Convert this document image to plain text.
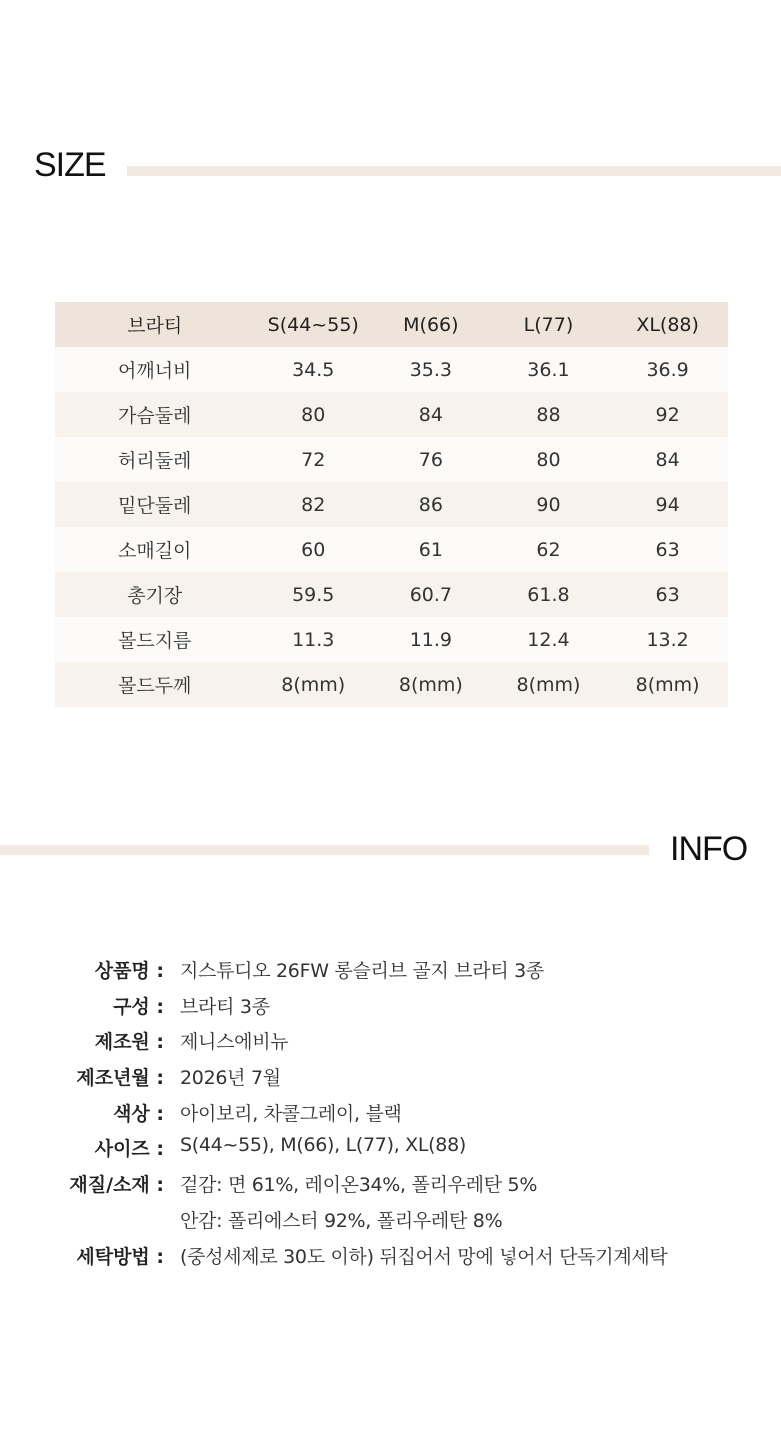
SIZE
브라티	S(44~55)	M(66)	L(77)	XL(88)
어깨너비	34.5	35.3	36.1	36.9
가슴둘레	80	84	88	92
허리둘레	72	76	80	84
밑단둘레	82	86	90	94
소매길이	60	61	62	63
총기장	59.5	60.7	61.8	63
몰드지름	11.3	11.9	12.4	13.2
몰드두께	8(mm)	8(mm)	8(mm)	8(mm)
INFO
상품명 : 지스튜디오 26FW 롱슬리브 골지 브라티 3종
구성 : 브라티 3종
제조원 : 제니스에비뉴
제조년월 : 2026년 7월
색상 : 아이보리, 차콜그레이, 블랙
사이즈 : S(44~55), M(66), L(77), XL(88)
재질/소재 : 겉감: 면 61%, 레이온34%, 폴리우레탄 5%
안감: 폴리에스터 92%, 폴리우레탄 8%
세탁방법 : (중성세제로 30도 이하) 뒤집어서 망에 넣어서 단독기계세탁
